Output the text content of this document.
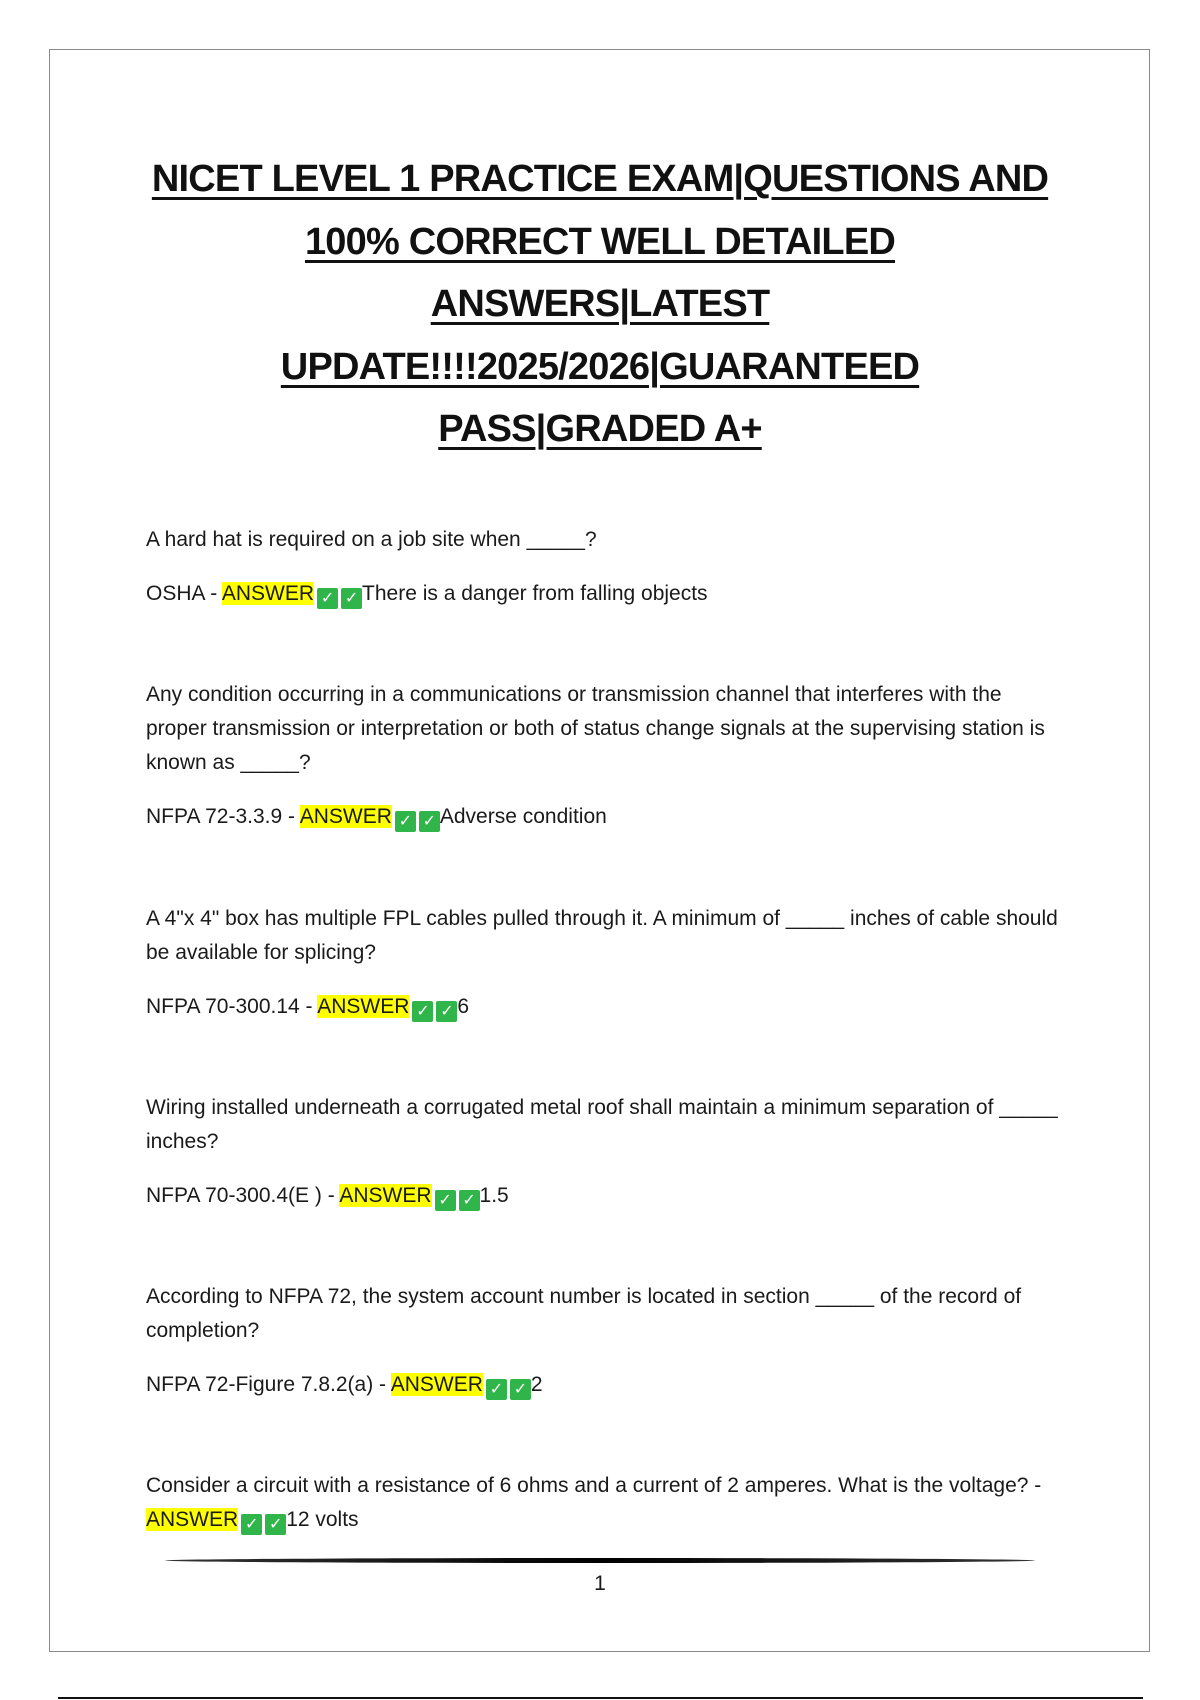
NICET LEVEL 1 PRACTICE EXAM|QUESTIONS AND
100% CORRECT WELL DETAILED
ANSWERS|LATEST
UPDATE!!!!2025/2026|GUARANTEED
PASS|GRADED A+

A hard hat is required on a job site when _____?

OSHA - ANSWER ✓ ✓ There is a danger from falling objects

Any condition occurring in a communications or transmission channel that interferes with the proper transmission or interpretation or both of status change signals at the supervising station is known as _____?

NFPA 72-3.3.9 - ANSWER ✓ ✓ Adverse condition

A 4"x 4" box has multiple FPL cables pulled through it. A minimum of _____ inches of cable should be available for splicing?

NFPA 70-300.14 - ANSWER ✓ ✓ 6

Wiring installed underneath a corrugated metal roof shall maintain a minimum separation of _____ inches?

NFPA 70-300.4(E ) - ANSWER ✓ ✓ 1.5

According to NFPA 72, the system account number is located in section _____ of the record of completion?

NFPA 72-Figure 7.8.2(a) - ANSWER ✓ ✓ 2

Consider a circuit with a resistance of 6 ohms and a current of 2 amperes. What is the voltage? - ANSWER ✓ ✓ 12 volts

1
